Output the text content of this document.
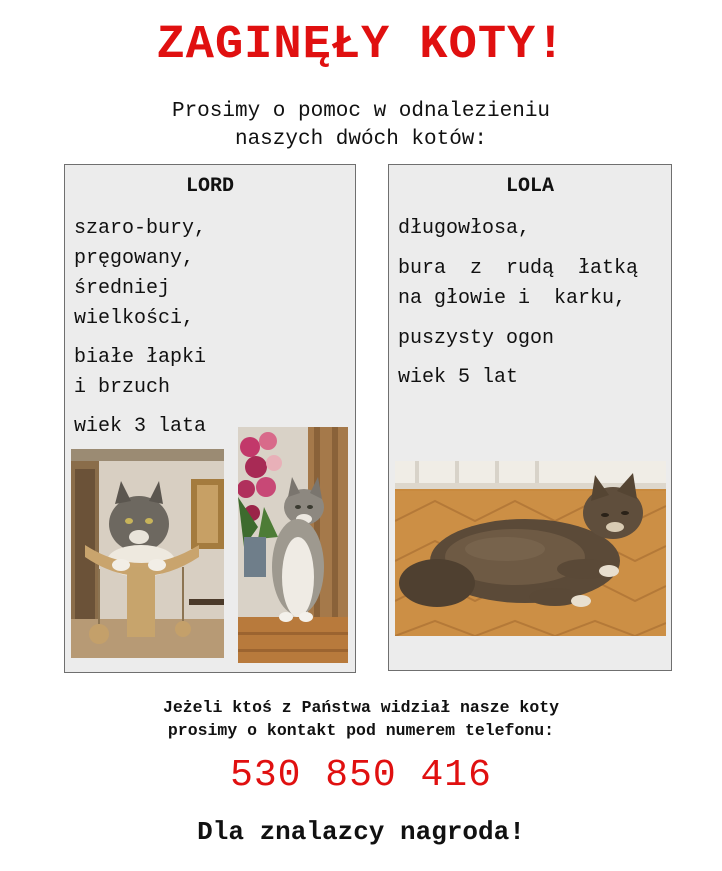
ZAGINĘŁY KOTY!
Prosimy o pomoc w odnalezieniu
naszych dwóch kotów:
LORD
szaro-bury,
pręgowany,
średniej
wielkości,
białe łapki
i brzuch
wiek 3 lata
LOLA
długowłosa,
bura  z  rudą  łatką
na głowie i  karku,
puszysty ogon
wiek 5 lat
Jeżeli ktoś z Państwa widział nasze koty
prosimy o kontakt pod numerem telefonu:
530 850 416
Dla znalazcy nagroda!
